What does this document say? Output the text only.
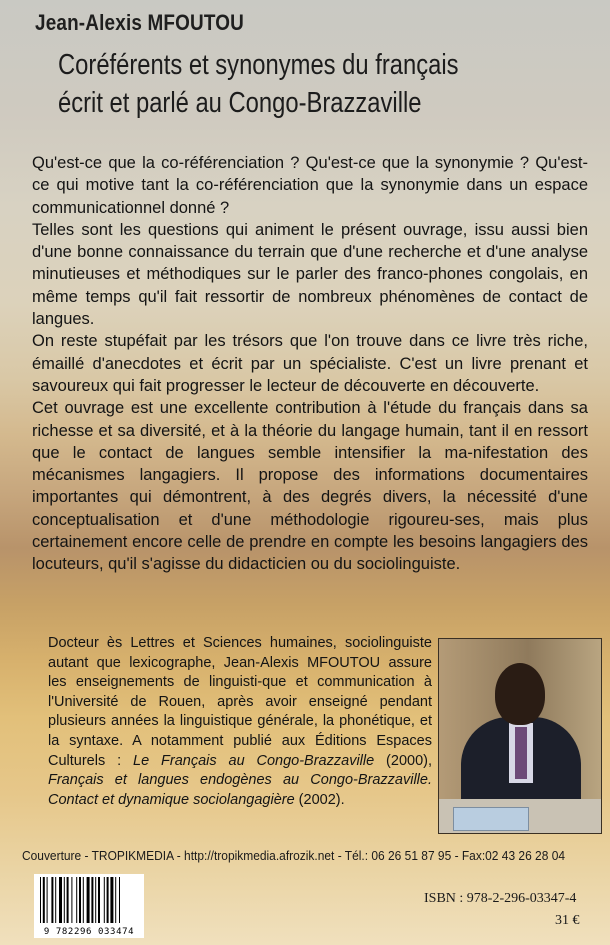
Jean-Alexis MFOUTOU
Coréférents et synonymes du français
écrit et parlé au Congo-Brazzaville

Qu'est-ce que la co-référenciation ? Qu'est-ce que la synonymie ? Qu'est-ce qui motive tant la co-référenciation que la synonymie dans un espace communicationnel donné ?

Telles sont les questions qui animent le présent ouvrage, issu aussi bien d'une bonne connaissance du terrain que d'une recherche et d'une analyse minutieuses et méthodiques sur le parler des franco-phones congolais, en même temps qu'il fait ressortir de nombreux phénomènes de contact de langues.

On reste stupéfait par les trésors que l'on trouve dans ce livre très riche, émaillé d'anecdotes et écrit par un spécialiste. C'est un livre prenant et savoureux qui fait progresser le lecteur de découverte en découverte.

Cet ouvrage est une excellente contribution à l'étude du français dans sa richesse et sa diversité, et à la théorie du langage humain, tant il en ressort que le contact de langues semble intensifier la ma-nifestation des mécanismes langagiers. Il propose des informations documentaires importantes qui démontrent, à des degrés divers, la nécessité d'une conceptualisation et d'une méthodologie rigoureu-ses, mais plus certainement encore celle de prendre en compte les besoins langagiers des locuteurs, qu'il s'agisse du didacticien ou du sociolinguiste.

Docteur ès Lettres et Sciences humaines, sociolinguiste autant que lexicographe, Jean-Alexis MFOUTOU assure les enseignements de linguisti-que et communication à l'Université de Rouen, après avoir enseigné pendant plusieurs années la linguistique générale, la phonétique, et la syntaxe. A notamment publié aux Éditions Espaces Culturels : Le Français au Congo-Brazzaville (2000), Français et langues endogènes au Congo-Brazzaville. Contact et dynamique sociolangagière (2002).
Couverture - TROPIKMEDIA - http://tropikmedia.afrozik.net - Tél.: 06 26 51 87 95 - Fax:02 43 26 28 04
9 782296 033474
ISBN : 978-2-296-03347-4
31 €
